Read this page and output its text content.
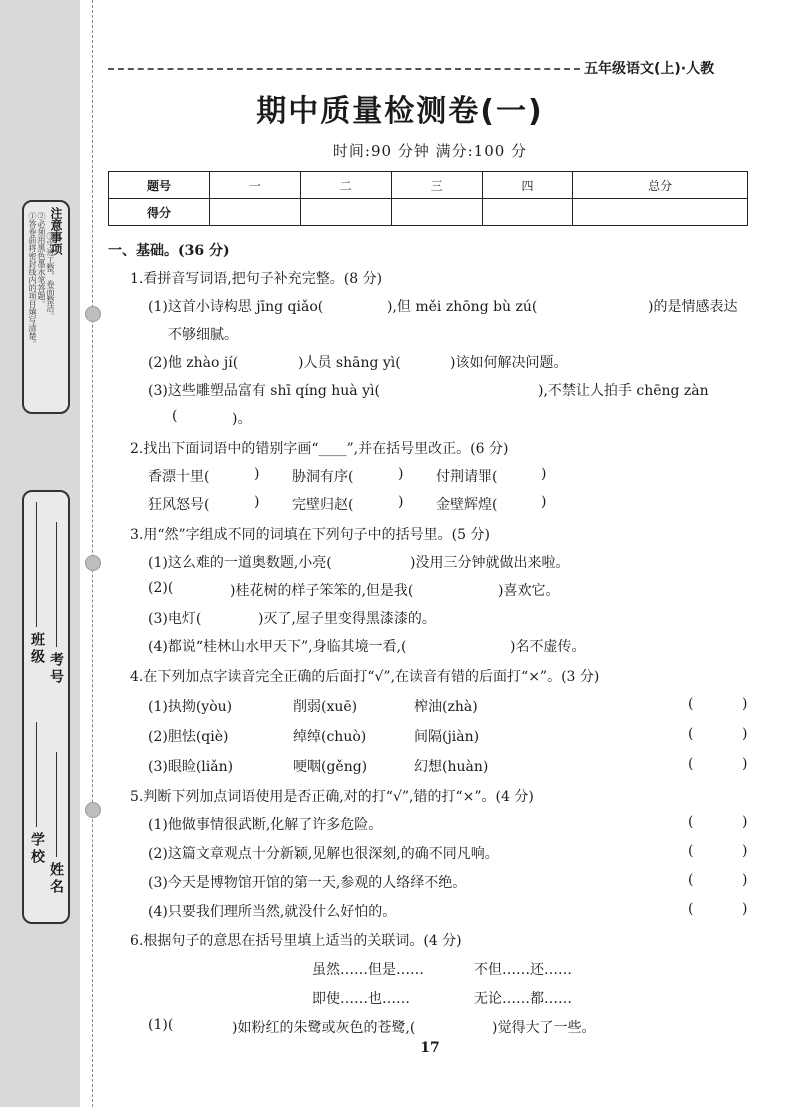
注意事项
①答卷前将密封线内的项目填写清楚。 ②必须用黑色墨水笔答题。 ③字迹工整，卷面整洁。
学校
姓名
班级
考号
五年级语文(上)·人教
期中质量检测卷(一)
时间:90 分钟 满分:100 分
题号	一	二	三	四	总分
得分					
一、基础。(36 分)
1.看拼音写词语,把句子补充完整。(8 分)
(1)这首小诗构思 jīng qiǎo(	),但 měi zhōng bù zú(	)的是情感表达
不够细腻。
(2)他 zhào jí(	)人员 shāng yì(	)该如何解决问题。
(3)这些雕塑品富有 shī qíng huà yì(	),不禁让人拍手 chēng zàn
(	)。
2.找出下面词语中的错别字画“____”,并在括号里改正。(6 分)
香漂十里(	) 胁洞有序(	) 付荆请罪(	)
狂风怒号(	) 完壁归赵(	) 金壁辉煌(	)
3.用“然”字组成不同的词填在下列句子中的括号里。(5 分)
(1)这么难的一道奥数题,小亮(	)没用三分钟就做出来啦。
(2)(	)桂花树的样子笨笨的,但是我(	)喜欢它。
(3)电灯(	)灭了,屋子里变得黑漆漆的。
(4)都说“桂林山水甲天下”,身临其境一看,(	)名不虚传。
4.在下列加点字读音完全正确的后面打“√”,在读音有错的后面打“×”。(3 分)
(1)执拗(yòu)	削弱(xuē)	榨油(zhà)	(	)
(2)胆怯(qiè)	绰绰(chuò)	间隔(jiàn)	(	)
(3)眼睑(liǎn)	哽咽(gěng)	幻想(huàn)	(	)
5.判断下列加点词语使用是否正确,对的打“√”,错的打“×”。(4 分)
(1)他做事情很武断,化解了许多危险。	(	)
(2)这篇文章观点十分新颖,见解也很深刻,的确不同凡响。	(	)
(3)今天是博物馆开馆的第一天,参观的人络绎不绝。	(	)
(4)只要我们理所当然,就没什么好怕的。	(	)
6.根据句子的意思在括号里填上适当的关联词。(4 分)
虽然……但是……	不但……还……
即使……也……	无论……都……
(1)(	)如粉红的朱鹭或灰色的苍鹭,(	)觉得大了一些。
17
